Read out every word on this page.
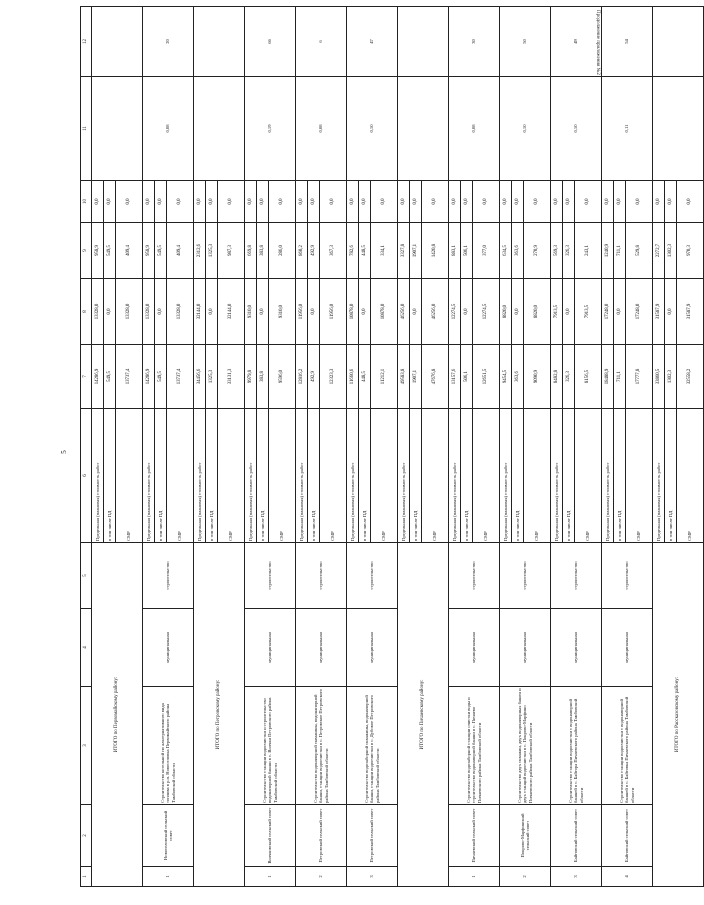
5
Продолжение приложения №2
1	2	3	4	5	6	7	8	9	10	11	12
ИТОГО по Первомайскому району:					Предельная (плановая) стоимость работ	14286,9	13328,0	958,9	0,0		
					в том числе ПД	549,5	0,0	549,5	0,0		
					СМР	13737,4	13328,0	409,4	0,0		
1	Новоселовский сельский совет	Строительство котельной по альтернативного вида топлива в р.п. Новоселовка Первомайского района Тамбовской области	муниципальная	строительство	Предельная (плановая) стоимость работ	14286,9	13328,0	958,9	0,0	0,08	20
					в том числе ПД	549,5	0,0	549,5	0,0		
					СМР	13737,4	13328,0	409,4	0,0		
ИТОГО по Петровскому району:					Предельная (плановая) стоимость работ	34456,6	32144,0	2312,6	0,0		
					в том числе ПД	1325,3	0,0	1325,3	0,0		
					СМР	33131,3	32144,0	987,3	0,0		
1	Волчковский сельский совет	Строительство станции водоочистки и строительство водонапорной башни в с. Волчки Петровского района Тамбовской области	муниципальная	строительство	Предельная (плановая) стоимость работ	9979,8	9310,0	669,8	0,0	0,19	66
					в том числе ПД	383,8	0,0	383,8	0,0		
					СМР	9596,0	9310,0	286,0	0,0		
2	Петровский сельский совет	Строительство водонапорной скважины, водонапорной башни, станции водоочистки в с. Петровское Петровского района Тамбовской области	муниципальная	строительство	Предельная (плановая) стоимость работ	12816,2	11956,0	860,2	0,0	0,08	6
					в том числе ПД	492,9	0,0	492,9	0,0		
					СМР	12323,3	11956,0	367,3	0,0		
3	Петровский сельский совет	Строительство водозаборной скважины, водонапорной башни, станции водоочистки в с. Дубовое Петровского района Тамбовской области	муниципальная	строительство	Предельная (плановая) стоимость работ	11660,6	10878,0	782,6	0,0	0,10	47
					в том числе ПД	448,5	0,0	448,5	0,0		
					СМР	11212,1	10878,0	334,1	0,0		
ИТОГО по Пичаевскому району:					Предельная (плановая) стоимость работ	49583,8	46256,0	3327,8	0,0		
					в том числе ПД	1907,1	0,0	1907,1	0,0		
					СМР	47676,8	46256,0	1420,8	0,0		
1	Пичаевский сельский совет	Строительство водозаборной станции очистки воды и строительство водонапорной башни в с. Пичаево Пичаевского района Тамбовской области	муниципальная	строительство	Предельная (плановая) стоимость работ	13157,6	12274,5	883,1	0,0	0,08	30
					в том числе ПД	506,1	0,0	506,1	0,0		
					СМР	12651,5	12274,5	377,0	0,0		
2	Покрово-Марфинский сельский совет	Строительство двух скважин, двух водонапорных башен и двух станций водоочистки в с. Покрово-Марфино Пичаевского района Тамбовской области	муниципальная	строительство	Предельная (плановая) стоимость работ	9454,5	8820,0	634,5	0,0	0,10	50
					в том числе ПД	363,6	0,0	363,6	0,0		
					СМР	9090,9	8820,0	270,9	0,0		
3	Байговский сельский совет	Строительство станции водоочистки с водонапорной башней в с. Байгора Пичаевского района Тамбовской области	муниципальная	строительство	Предельная (плановая) стоимость работ	8482,8	7913,5	569,3	0,0	0,10	49
					в том числе ПД	326,3	0,0	326,3	0,0		
					СМР	8156,5	7913,5	243,1	0,0		
4	Байговский сельский совет	Строительство станции водоочистки с водонапорной башней в с. Байговка Пичаевского района Тамбовской области	муниципальная	строительство	Предельная (плановая) стоимость работ	18488,9	17248,0	1240,9	0,0	0,11	54
					в том числе ПД	711,1	0,0	711,1	0,0		
					СМР	17777,8	17248,0	529,8	0,0		
ИТОГО по Рассказовскому району:					Предельная (плановая) стоимость работ	33860,5	31587,9	2272,7	0,0		
					в том числе ПД	1302,3	0,0	1302,3	0,0		
					СМР	32558,2	31587,9	970,3	0,0		
